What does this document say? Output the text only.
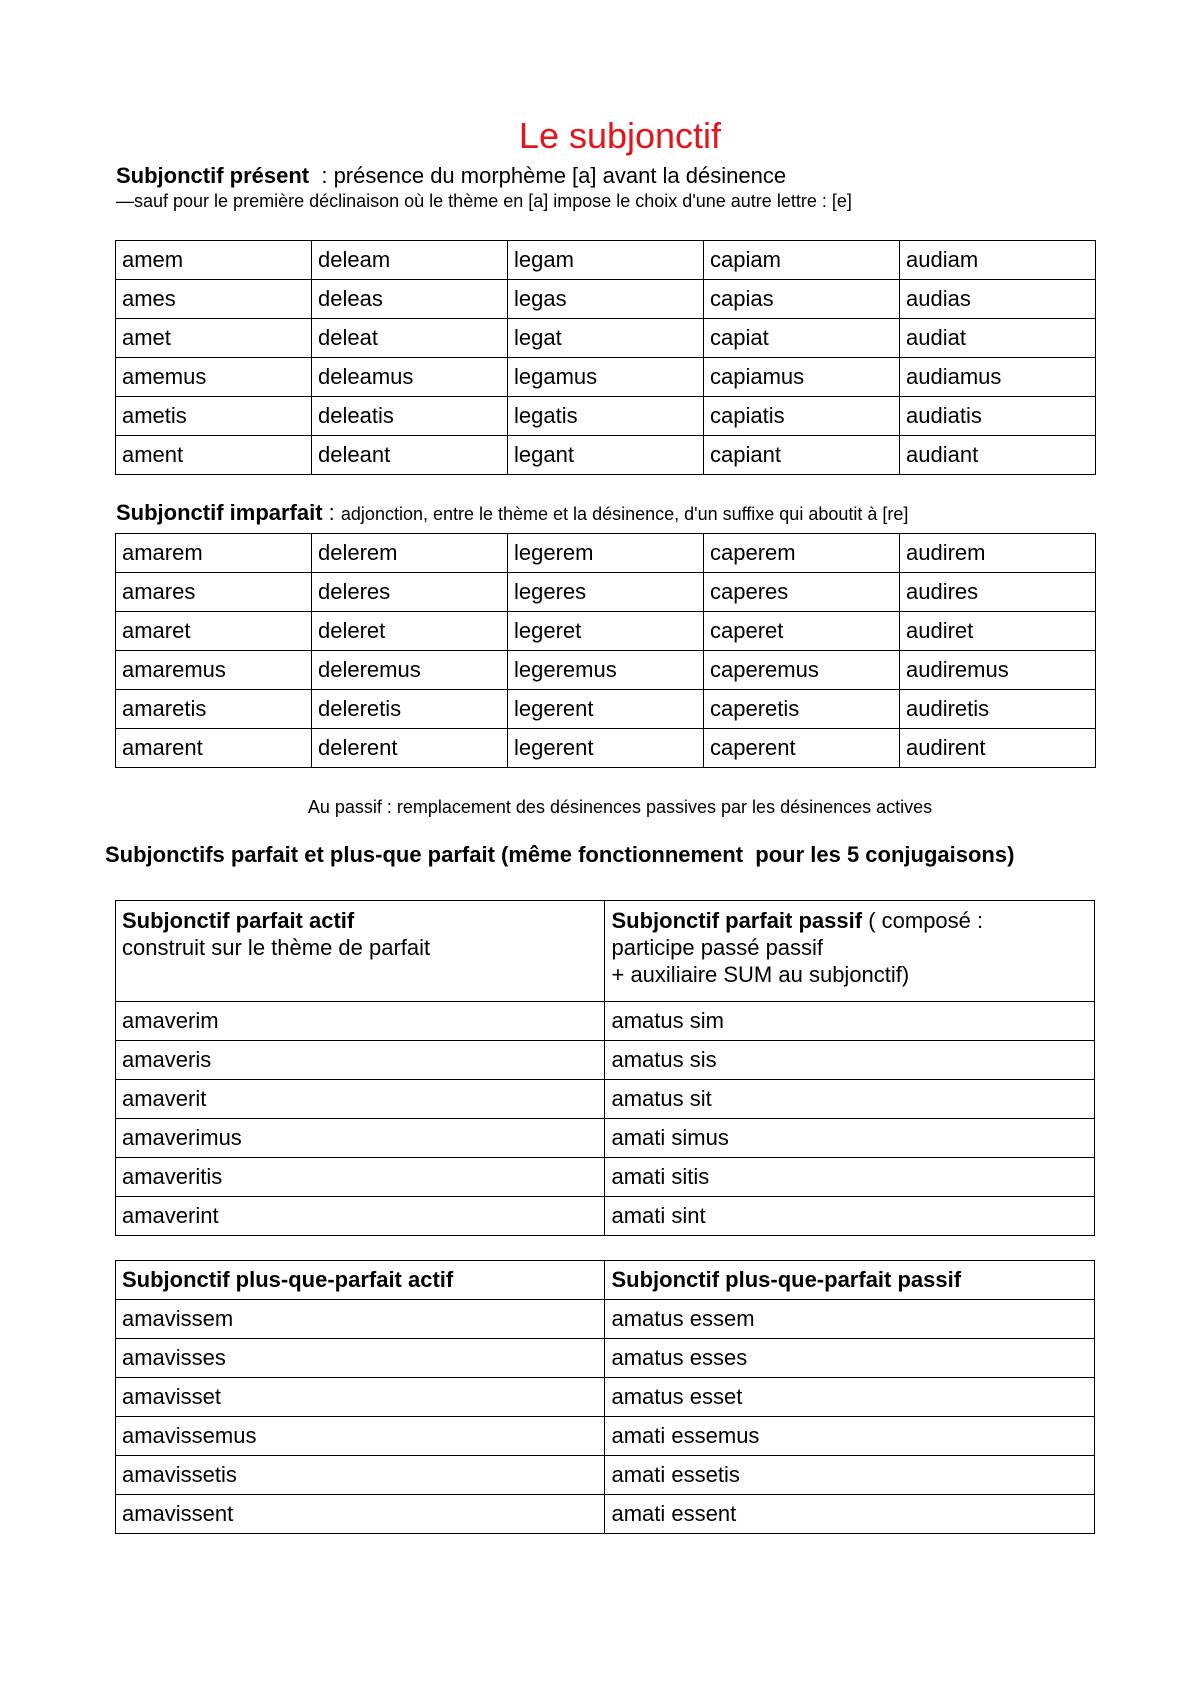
Le subjonctif
Subjonctif présent  : présence du morphème [a] avant la désinence
—sauf pour le première déclinaison où le thème en [a] impose le choix d'une autre lettre : [e]
amem	deleam	legam	capiam	audiam
ames	deleas	legas	capias	audias
amet	deleat	legat	capiat	audiat
amemus	deleamus	legamus	capiamus	audiamus
ametis	deleatis	legatis	capiatis	audiatis
ament	deleant	legant	capiant	audiant
Subjonctif imparfait : adjonction, entre le thème et la désinence, d'un suffixe qui aboutit à [re]
amarem	delerem	legerem	caperem	audirem
amares	deleres	legeres	caperes	audires
amaret	deleret	legeret	caperet	audiret
amaremus	deleremus	legeremus	caperemus	audiremus
amaretis	deleretis	legerent	caperetis	audiretis
amarent	delerent	legerent	caperent	audirent
Au passif : remplacement des désinences passives par les désinences actives
Subjonctifs parfait et plus-que parfait (même fonctionnement  pour les 5 conjugaisons)
Subjonctif parfait actif
construit sur le thème de parfait	Subjonctif parfait passif ( composé :
participe passé passif
+ auxiliaire SUM au subjonctif)
amaverim	amatus sim
amaveris	amatus sis
amaverit	amatus sit
amaverimus	amati simus
amaveritis	amati sitis
amaverint	amati sint
Subjonctif plus-que-parfait actif	Subjonctif plus-que-parfait passif
amavissem	amatus essem
amavisses	amatus esses
amavisset	amatus esset
amavissemus	amati essemus
amavissetis	amati essetis
amavissent	amati essent
